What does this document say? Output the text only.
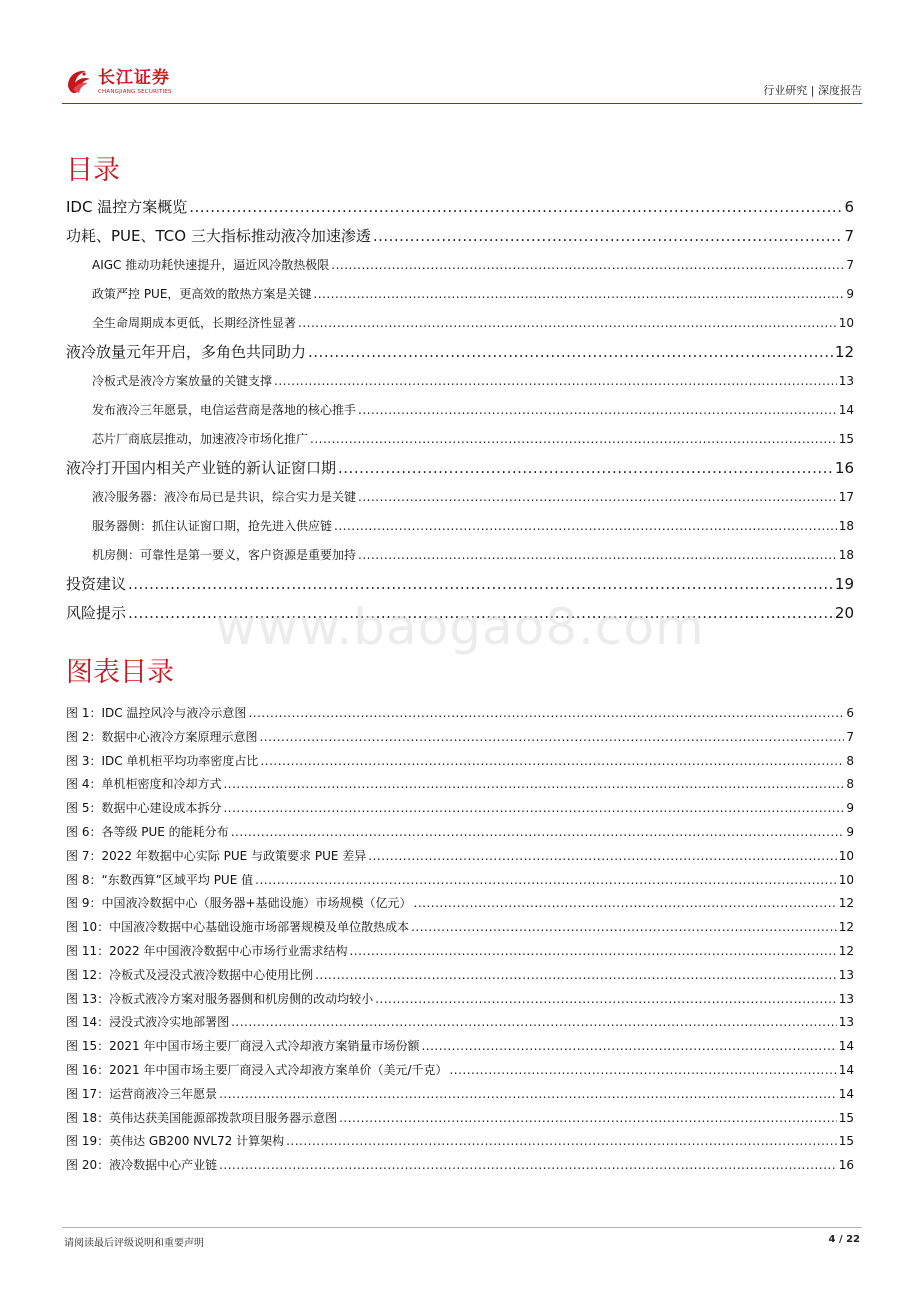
长江证券
CHANGJIANG SECURITIES	行业研究 | 深度报告
目录
IDC 温控方案概览 .....	6
功耗、PUE、TCO 三大指标推动液冷加速渗透 .....	7
AIGC 推动功耗快速提升，逼近风冷散热极限 .....	7
政策严控 PUE，更高效的散热方案是关键 .....	9
全生命周期成本更低，长期经济性显著 .....	10
液冷放量元年开启，多角色共同助力 .....	12
冷板式是液冷方案放量的关键支撑 .....	13
发布液冷三年愿景，电信运营商是落地的核心推手 .....	14
芯片厂商底层推动，加速液冷市场化推广 .....	15
液冷打开国内相关产业链的新认证窗口期 .....	16
液冷服务器：液冷布局已是共识，综合实力是关键 .....	17
服务器侧：抓住认证窗口期，抢先进入供应链 .....	18
机房侧：可靠性是第一要义，客户资源是重要加持 .....	18
投资建议 .....	19
风险提示 .....	20
www.baogao8.com
图表目录
图 1：IDC 温控风冷与液冷示意图 .....	6
图 2：数据中心液冷方案原理示意图 .....	7
图 3：IDC 单机柜平均功率密度占比 .....	8
图 4：单机柜密度和冷却方式 .....	8
图 5：数据中心建设成本拆分 .....	9
图 6：各等级 PUE 的能耗分布 .....	9
图 7：2022 年数据中心实际 PUE 与政策要求 PUE 差异 .....	10
图 8：“东数西算”区域平均 PUE 值 .....	10
图 9：中国液冷数据中心（服务器+基础设施）市场规模（亿元） .....	12
图 10：中国液冷数据中心基础设施市场部署规模及单位散热成本 .....	12
图 11：2022 年中国液冷数据中心市场行业需求结构 .....	12
图 12：冷板式及浸没式液冷数据中心使用比例 .....	13
图 13：冷板式液冷方案对服务器侧和机房侧的改动均较小 .....	13
图 14：浸没式液冷实地部署图 .....	13
图 15：2021 年中国市场主要厂商浸入式冷却液方案销量市场份额 .....	14
图 16：2021 年中国市场主要厂商浸入式冷却液方案单价（美元/千克） .....	14
图 17：运营商液冷三年愿景 .....	14
图 18：英伟达获美国能源部拨款项目服务器示意图 .....	15
图 19：英伟达 GB200 NVL72 计算架构 .....	15
图 20：液冷数据中心产业链 .....	16
请阅读最后评级说明和重要声明	4 / 22
